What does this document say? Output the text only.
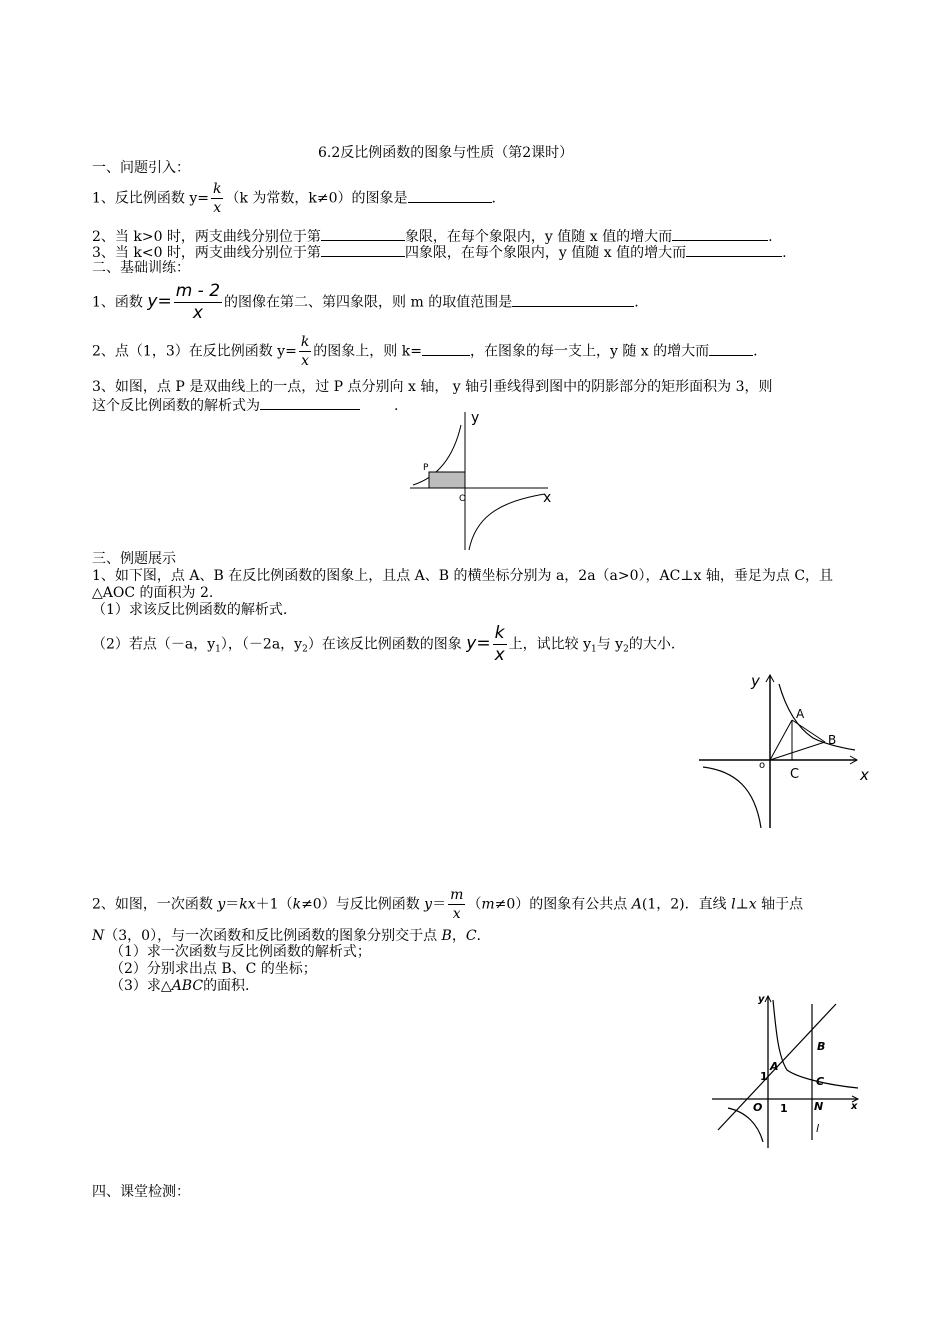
6.2反比例函数的图象与性质（第2课时）
一、问题引入：
1、反比例函数 $y= \frac{k}{x} (k$ 为常数，k≠0）的图象是	.
2、当 k>0 时，两支曲线分别位于第	象限，在每个象限内，y 值随 x 值的增大而	.
3、当 k<0 时，两支曲线分别位于第	四象限，在每个象限内，y 值随 x 值的增大而	.
二、基础训练：
1、函数 $y= \frac{m - 2}{x}$ 的图像在第二、第四象限，则 m 的取值范围是	.
2、点（1，3）在反比例函数 $y= \frac{k}{x}$ 的图象上，则 k=	，在图象的每一支上，y 随 x 的增大而	.
3、如图，点 P 是双曲线上的一点，过 P 点分别向 x 轴， y 轴引垂线得到图中的阴影部分的矩形面积为 3，则
这个反比例函数的解析式为	.
y
x
O
P
三、例题展示
1、如下图，点 A、B 在反比例函数的图象上，且点 A、B 的横坐标分别为 a，2a（a>0），AC⊥x 轴，垂足为点 C，且
△AOC 的面积为 2.
（1）求该反比例函数的解析式.
（2）若点（－a，$y_1$），（－2a，$y_2$）在该反比例函数的图象 $y= \frac{k}{x}$ 上，试比较 $y_1$与 $y_2$的大小.
y
x
o
A
B
C
2、如图，一次函数 y＝kx＋1（k≠0）与反比例函数 $y= \frac{m}{x} (m\ne 0)$的图象有公共点 A(1，2)．直线 l⊥x 轴于点
N（3，0），与一次函数和反比例函数的图象分别交于点 B，C.
（1）求一次函数与反比例函数的解析式；
（2）分别求出点 B、C 的坐标；
（3）求△ABC的面积.
y
x
O 1
1
A
B
C
N
l
四、课堂检测：
